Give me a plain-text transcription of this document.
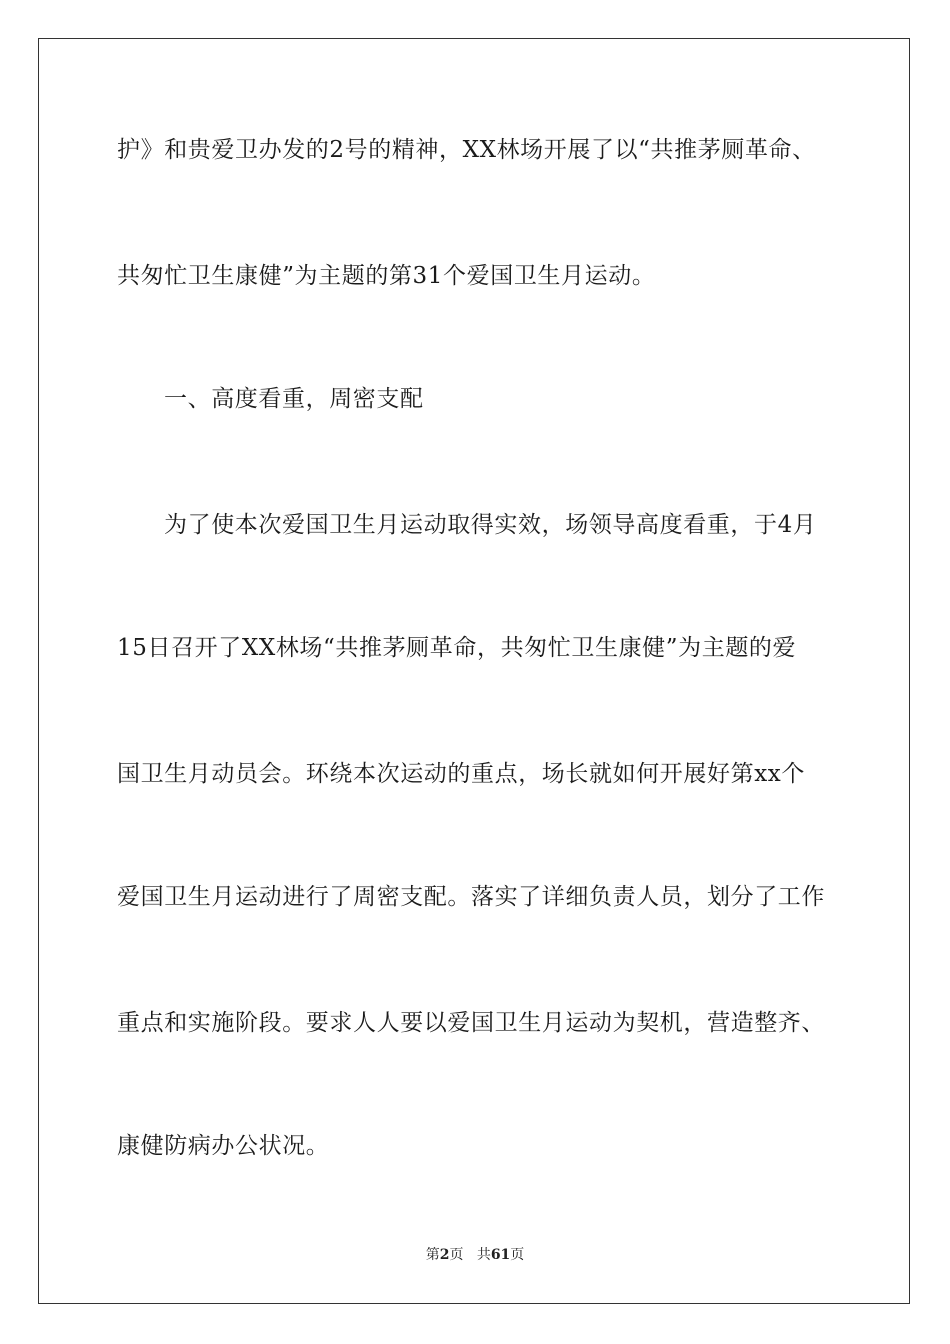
护》和贵爱卫办发的2号的精神，XX林场开展了以“共推茅厕革命、
共匆忙卫生康健”为主题的第31个爱国卫生月运动。
一、高度看重，周密支配
为了使本次爱国卫生月运动取得实效，场领导高度看重，于4月
15日召开了XX林场“共推茅厕革命，共匆忙卫生康健”为主题的爱
国卫生月动员会。环绕本次运动的重点，场长就如何开展好第xx个
爱国卫生月运动进行了周密支配。落实了详细负责人员，划分了工作
重点和实施阶段。要求人人要以爱国卫生月运动为契机，营造整齐、
康健防病办公状况。
第2页 共61页
